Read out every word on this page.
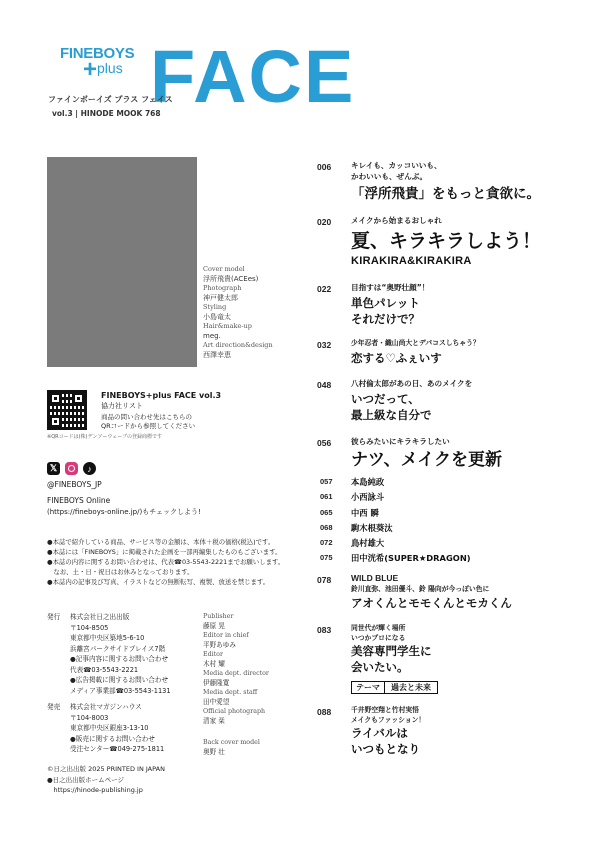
FINEBOYS
+plus FACE
ファインボーイズ プラス フェイス
vol.3 | HINODE MOOK 768
Cover model
浮所飛貴(ACEes)
Photograph
神戸健太郎
Styling
小島竜太
Hair&make-up
meg.
Art direction&design
西澤幸恵
FINEBOYS+plus FACE vol.3
協力社リスト
商品の問い合わせ先はこちらの
QRコードから参照してください
※QRコードは(株)デンソーウェーブの登録商標です
𝕏	♪
@FINEBOYS_JP
FINEBOYS Online
(https://fineboys-online.jp/)もチェックしよう!
●本誌で紹介している商品、サービス等の金額は、本体＋税の価格(税込)です。
●本誌には「FINEBOYS」に掲載された企画を一部再編集したものもございます。
●本誌の内容に関するお問い合わせは、代表☎03-5543-2221までお願いします。
　なお、土・日・祝日はお休みとなっております。
●本誌内の記事及び写真、イラストなどの無断転写、複製、放送を禁じます。
発行 株式会社日之出出版
〒104-8505
東京都中央区築地5-6-10
浜離宮パークサイドプレイス7階
●記事内容に関するお問い合わせ
代表☎03-5543-2221
●広告掲載に関するお問い合わせ
メディア事業部☎03-5543-1131
発売 株式会社マガジンハウス
〒104-8003
東京都中央区銀座3-13-10
●販売に関するお問い合わせ
受注センター☎049-275-1811
Publisher
藤原 晃
Editor in chief
平野あゆみ
Editor
木村 耀
Media dept. director
伊藤隆寛
Media dept. staff
田中愛望
Official photograph
清家 栞
Back cover model
奥野 壮
©日之出出版 2025 PRINTED IN JAPAN
●日之出出版ホームページ
　https://hinode-publishing.jp
006	キレイも、カッコいいも、
かわいいも、ぜんぶ。
「浮所飛貴」をもっと貪欲に。
020	メイクから始まるおしゃれ
夏、キラキラしよう！
KIRAKIRA&KIRAKIRA
022	目指すは“奥野壮顔”！
単色パレット
それだけで？
032	少年忍者・織山尚大とデパコスしちゃう？
恋する♡ふぇいす
048	八村倫太郎があの日、あのメイクを
いつだって、
最上級な自分で
056	彼らみたいにキラキラしたい
ナツ、メイクを更新
057 本島純政
061 小西詠斗
065 中西 瞬
068 駒木根葵汰
072 鳥村雄大
075 田中洸希(SUPER★DRAGON)
078 WILD BLUE
鈴川直弥、池田優斗、鈴 陽向が今っぽい色に
アオくんとモモくんとモカくん
083	同世代が輝く場所
いつかプロになる
美容専門学生に
会いたい。
テーマ	過去と未来
088	千井野空翔と竹村実悟
メイクもファッション！
ライバルは
いつもとなり
